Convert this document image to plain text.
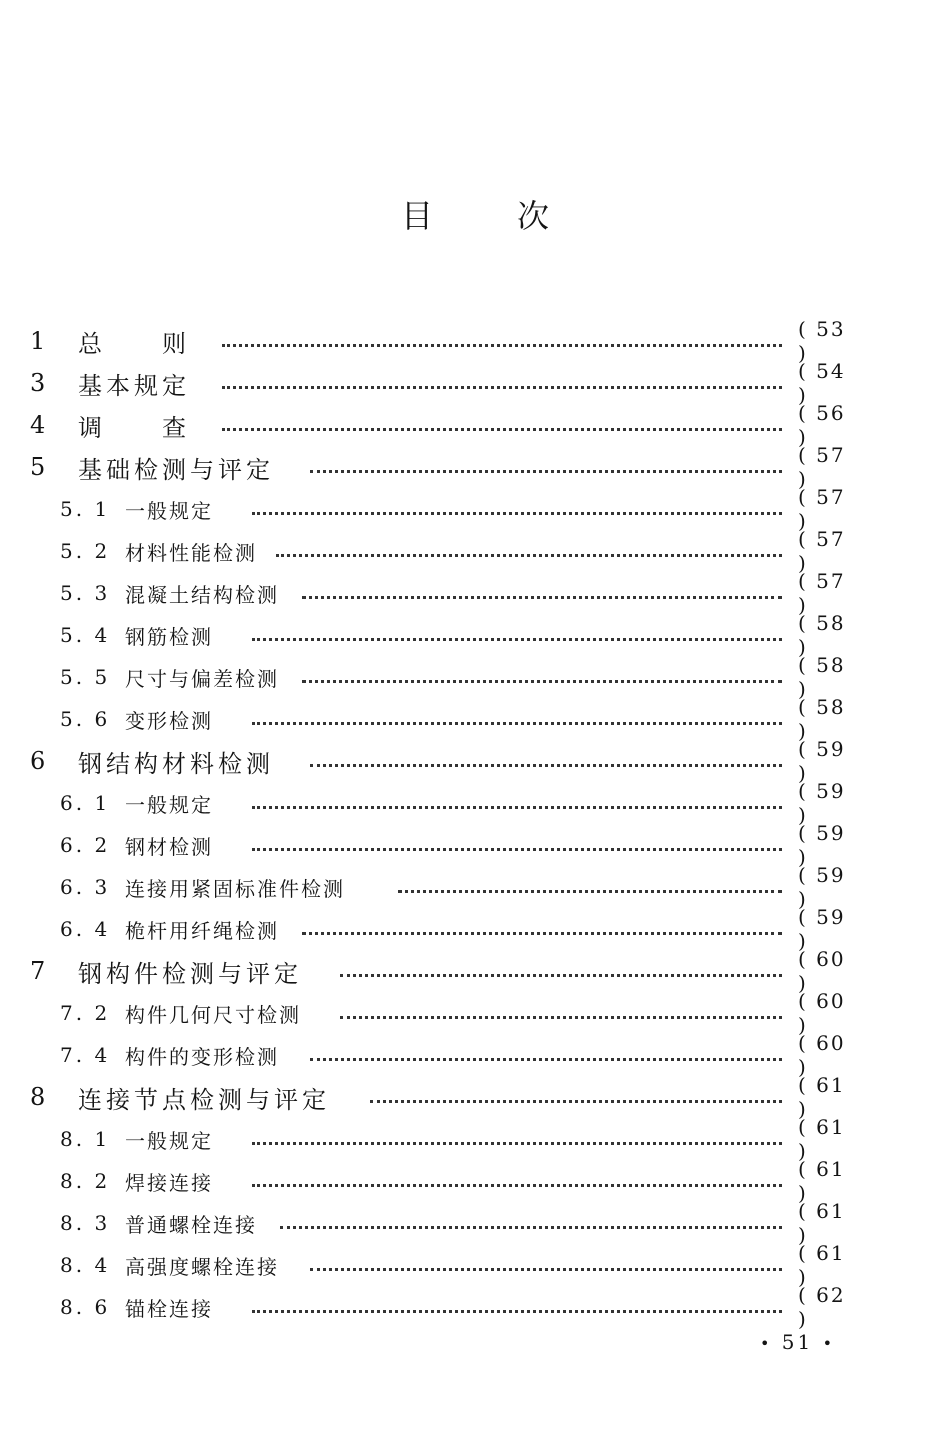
目	次
1 总　　则
( 53 )
3 基本规定
( 54 )
4 调　　查
( 56 )
5 基础检测与评定
( 57 )
5. 1 一般规定
( 57 )
5. 2 材料性能检测
( 57 )
5. 3 混凝土结构检测
( 57 )
5. 4 钢筋检测
( 58 )
5. 5 尺寸与偏差检测
( 58 )
5. 6 变形检测
( 58 )
6 钢结构材料检测
( 59 )
6. 1 一般规定
( 59 )
6. 2 钢材检测
( 59 )
6. 3 连接用紧固标准件检测
( 59 )
6. 4 桅杆用纤绳检测
( 59 )
7 钢构件检测与评定
( 60 )
7. 2 构件几何尺寸检测
( 60 )
7. 4 构件的变形检测
( 60 )
8 连接节点检测与评定
( 61 )
8. 1 一般规定
( 61 )
8. 2 焊接连接
( 61 )
8. 3 普通螺栓连接
( 61 )
8. 4 高强度螺栓连接
( 61 )
8. 6 锚栓连接
( 62 )
• 51 •
